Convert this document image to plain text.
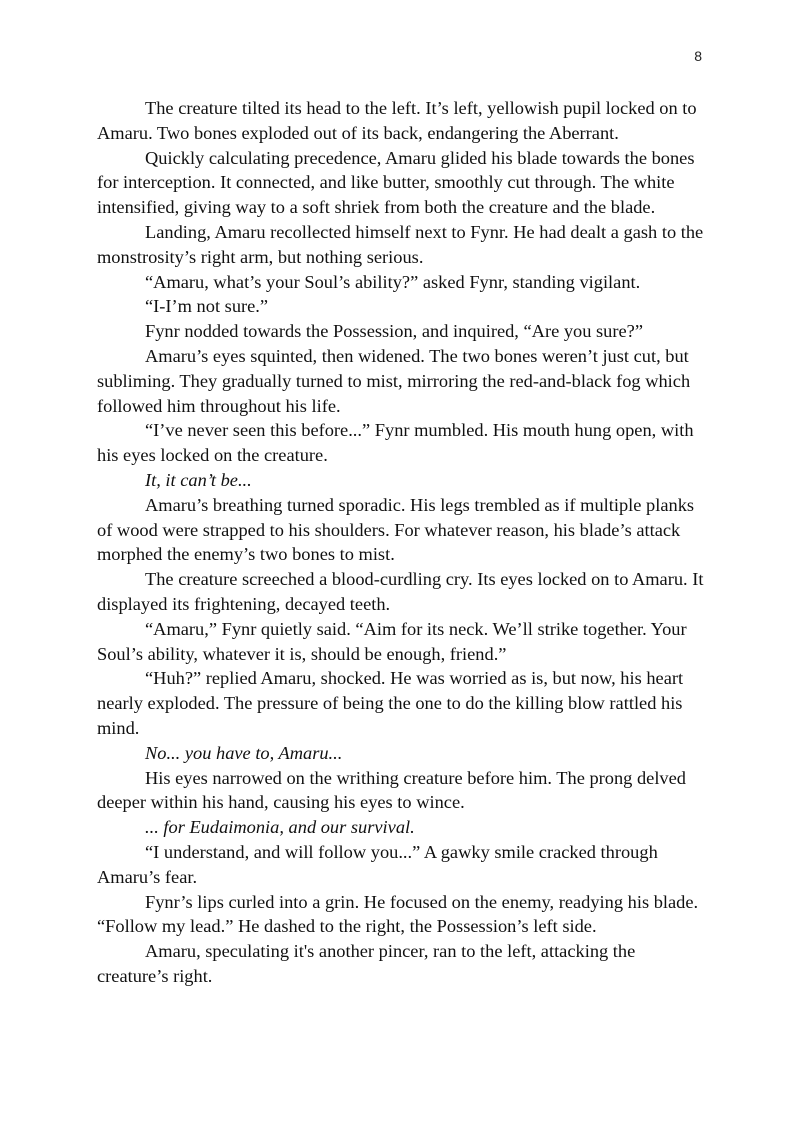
8

The creature tilted its head to the left. It’s left, yellowish pupil locked on to Amaru. Two bones exploded out of its back, endangering the Aberrant.

Quickly calculating precedence, Amaru glided his blade towards the bones for interception. It connected, and like butter, smoothly cut through. The white intensified, giving way to a soft shriek from both the creature and the blade.

Landing, Amaru recollected himself next to Fynr. He had dealt a gash to the monstrosity’s right arm, but nothing serious.

“Amaru, what’s your Soul’s ability?” asked Fynr, standing vigilant.

“I-I’m not sure.”

Fynr nodded towards the Possession, and inquired, “Are you sure?”

Amaru’s eyes squinted, then widened. The two bones weren’t just cut, but subliming. They gradually turned to mist, mirroring the red-and-black fog which followed him throughout his life.

“I’ve never seen this before...” Fynr mumbled. His mouth hung open, with his eyes locked on the creature.

It, it can’t be...

Amaru’s breathing turned sporadic. His legs trembled as if multiple planks of wood were strapped to his shoulders. For whatever reason, his blade’s attack morphed the enemy’s two bones to mist.

The creature screeched a blood-curdling cry. Its eyes locked on to Amaru. It displayed its frightening, decayed teeth.

“Amaru,” Fynr quietly said. “Aim for its neck. We’ll strike together. Your Soul’s ability, whatever it is, should be enough, friend.”

“Huh?” replied Amaru, shocked. He was worried as is, but now, his heart nearly exploded. The pressure of being the one to do the killing blow rattled his mind.

No... you have to, Amaru...

His eyes narrowed on the writhing creature before him. The prong delved deeper within his hand, causing his eyes to wince.

... for Eudaimonia, and our survival.

“I understand, and will follow you...” A gawky smile cracked through Amaru’s fear.

Fynr’s lips curled into a grin. He focused on the enemy, readying his blade. “Follow my lead.” He dashed to the right, the Possession’s left side.

Amaru, speculating it's another pincer, ran to the left, attacking the creature’s right.
